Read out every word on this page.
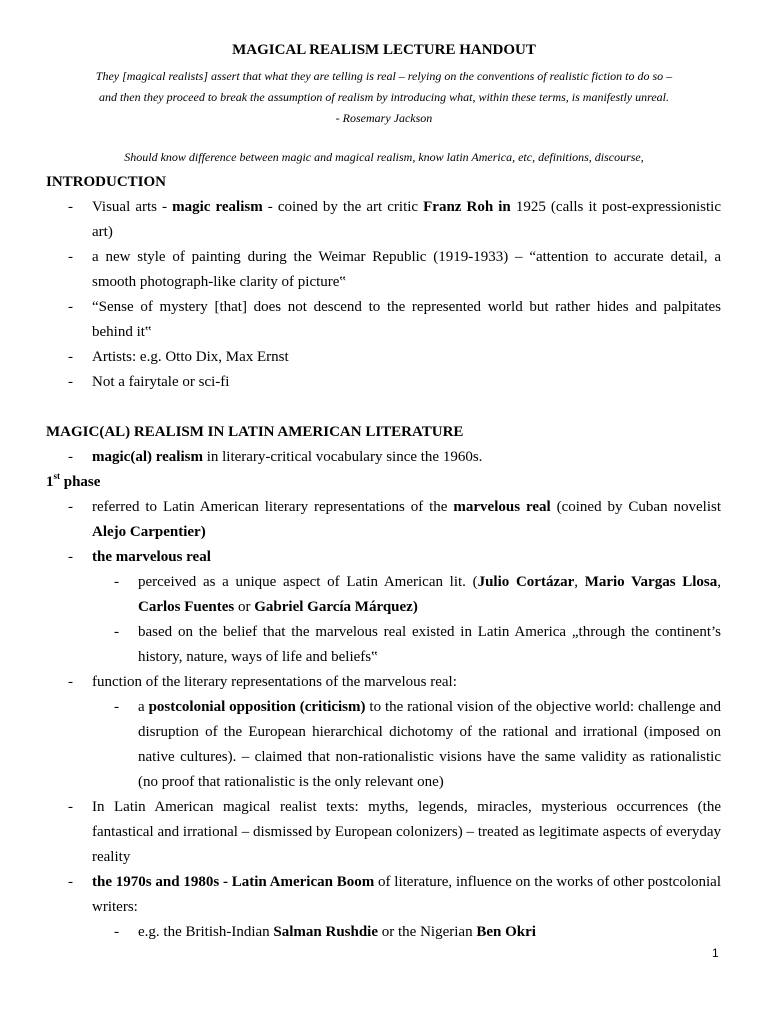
MAGICAL REALISM LECTURE HANDOUT
They [magical realists] assert that what they are telling is real – relying on the conventions of realistic fiction to do so –
and then they proceed to break the assumption of realism by introducing what, within these terms, is manifestly unreal.
- Rosemary Jackson
Should know difference between magic and magical realism, know latin America, etc, definitions, discourse,

INTRODUCTION

- Visual arts - magic realism - coined by the art critic Franz Roh in 1925 (calls it post-expressionistic art)

- a new style of painting during the Weimar Republic (1919-1933) – “attention to accurate detail, a smooth photograph-like clarity of picture‟

- “Sense of mystery [that] does not descend to the represented world but rather hides and palpitates behind it‟

- Artists: e.g. Otto Dix, Max Ernst

- Not a fairytale or sci-fi

MAGIC(AL) REALISM IN LATIN AMERICAN LITERATURE

- magic(al) realism in literary-critical vocabulary since the 1960s.

1st phase

- referred to Latin American literary representations of the marvelous real (coined by Cuban novelist Alejo Carpentier)

- the marvelous real

- perceived as a unique aspect of Latin American lit. (Julio Cortázar, Mario Vargas Llosa, Carlos Fuentes or Gabriel García Márquez)

- based on the belief that the marvelous real existed in Latin America „through the continent’s history, nature, ways of life and beliefs‟

- function of the literary representations of the marvelous real:

- a postcolonial opposition (criticism) to the rational vision of the objective world: challenge and disruption of the European hierarchical dichotomy of the rational and irrational (imposed on native cultures). – claimed that non-rationalistic visions have the same validity as rationalistic (no proof that rationalistic is the only relevant one)

- In Latin American magical realist texts: myths, legends, miracles, mysterious occurrences (the fantastical and irrational – dismissed by European colonizers) – treated as legitimate aspects of everyday reality

- the 1970s and 1980s - Latin American Boom of literature, influence on the works of other postcolonial writers:

- e.g. the British-Indian Salman Rushdie or the Nigerian Ben Okri

1
